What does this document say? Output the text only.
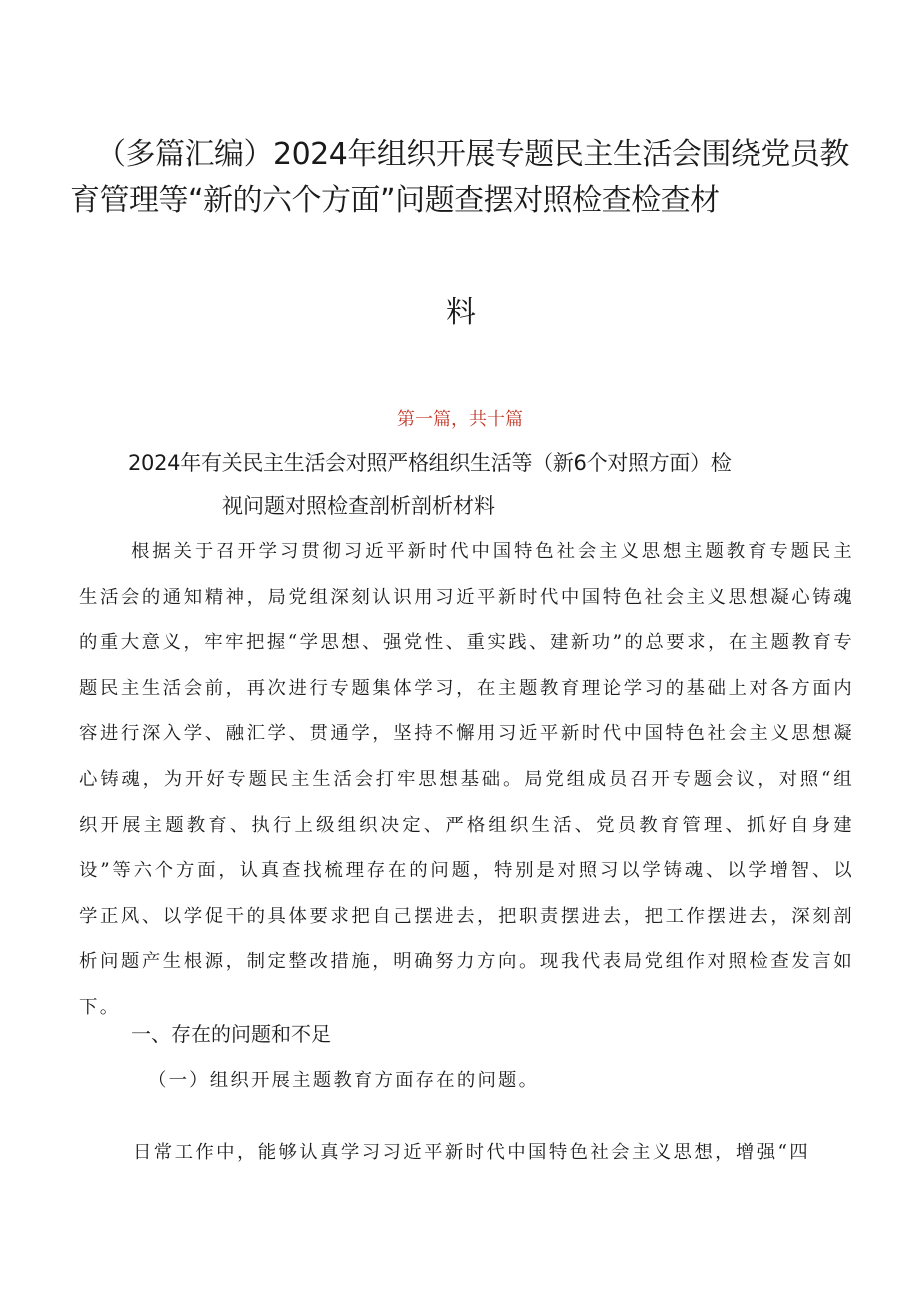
（多篇汇编）2024年组织开展专题民主生活会围绕党员教
育管理等“新的六个方面”问题查摆对照检查检查材
料
第一篇，共十篇
2024年有关民主生活会对照严格组织生活等（新6个对照方面）检
视问题对照检查剖析剖析材料

根据关于召开学习贯彻习近平新时代中国特色社会主义思想主题教育专题民主生活会的通知精神，局党组深刻认识用习近平新时代中国特色社会主义思想凝心铸魂的重大意义，牢牢把握“学思想、强党性、重实践、建新功”的总要求，在主题教育专题民主生活会前，再次进行专题集体学习，在主题教育理论学习的基础上对各方面内容进行深入学、融汇学、贯通学，坚持不懈用习近平新时代中国特色社会主义思想凝心铸魂，为开好专题民主生活会打牢思想基础。局党组成员召开专题会议，对照“组织开展主题教育、执行上级组织决定、严格组织生活、党员教育管理、抓好自身建设”等六个方面，认真查找梳理存在的问题，特别是对照习以学铸魂、以学增智、以学正风、以学促干的具体要求把自己摆进去，把职责摆进去，把工作摆进去，深刻剖析问题产生根源，制定整改措施，明确努力方向。现我代表局党组作对照检查发言如下。

一、存在的问题和不足
（一）组织开展主题教育方面存在的问题。
日常工作中，能够认真学习习近平新时代中国特色社会主义思想，增强“四
